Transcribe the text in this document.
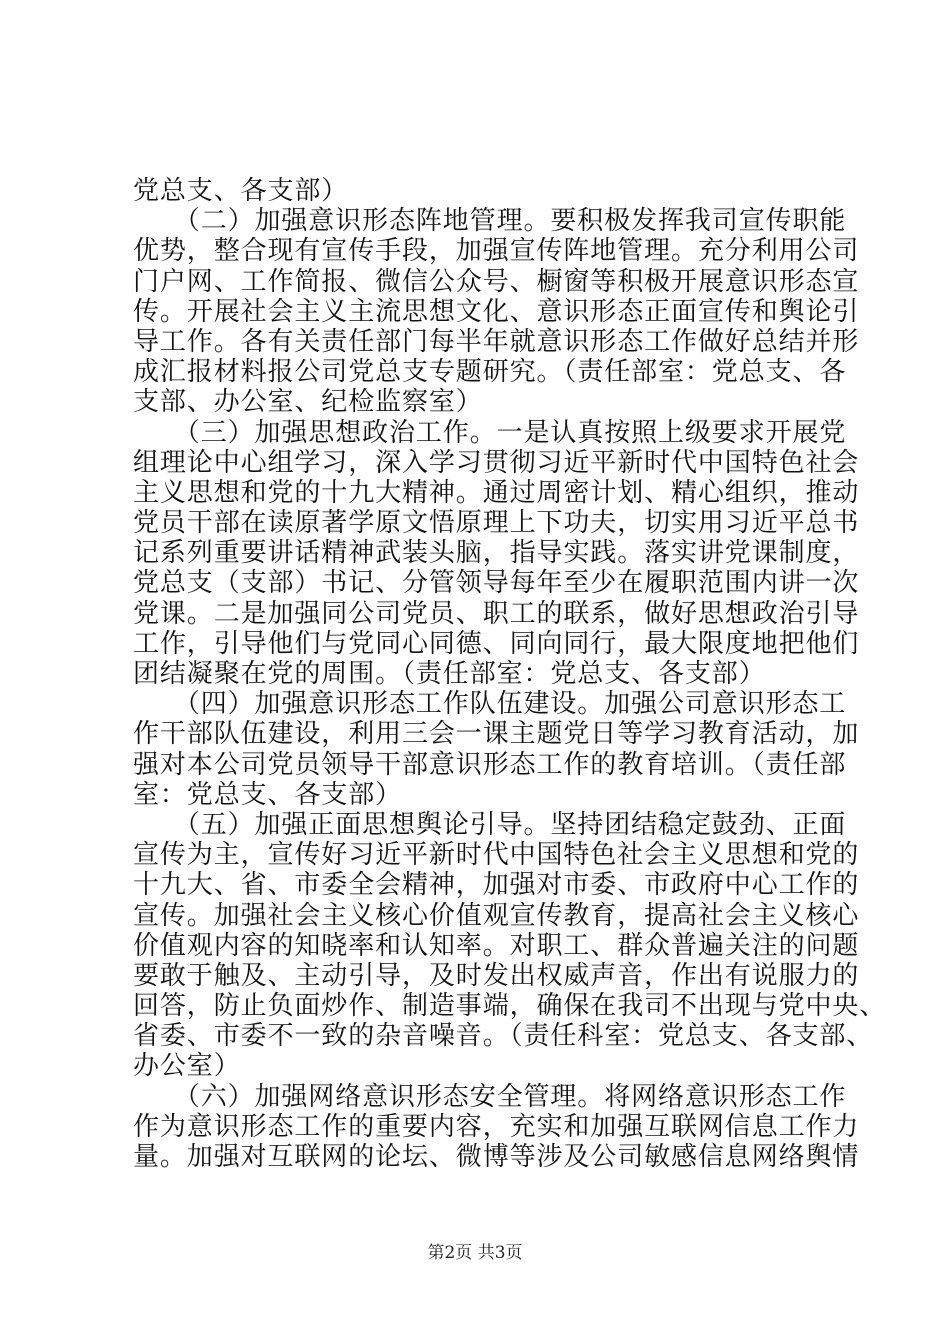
党总支、各支部）
　　（二）加强意识形态阵地管理。要积极发挥我司宣传职能
优势，整合现有宣传手段，加强宣传阵地管理。充分利用公司
门户网、工作简报、微信公众号、橱窗等积极开展意识形态宣
传。开展社会主义主流思想文化、意识形态正面宣传和舆论引
导工作。各有关责任部门每半年就意识形态工作做好总结并形
成汇报材料报公司党总支专题研究。（责任部室：党总支、各
支部、办公室、纪检监察室）
　　（三）加强思想政治工作。一是认真按照上级要求开展党
组理论中心组学习，深入学习贯彻习近平新时代中国特色社会
主义思想和党的十九大精神。通过周密计划、精心组织，推动
党员干部在读原著学原文悟原理上下功夫，切实用习近平总书
记系列重要讲话精神武装头脑，指导实践。落实讲党课制度，
党总支（支部）书记、分管领导每年至少在履职范围内讲一次
党课。二是加强同公司党员、职工的联系，做好思想政治引导
工作，引导他们与党同心同德、同向同行，最大限度地把他们
团结凝聚在党的周围。（责任部室：党总支、各支部）
　　（四）加强意识形态工作队伍建设。加强公司意识形态工
作干部队伍建设，利用三会一课主题党日等学习教育活动，加
强对本公司党员领导干部意识形态工作的教育培训。（责任部
室：党总支、各支部）
　　（五）加强正面思想舆论引导。坚持团结稳定鼓劲、正面
宣传为主，宣传好习近平新时代中国特色社会主义思想和党的
十九大、省、市委全会精神，加强对市委、市政府中心工作的
宣传。加强社会主义核心价值观宣传教育，提高社会主义核心
价值观内容的知晓率和认知率。对职工、群众普遍关注的问题
要敢于触及、主动引导，及时发出权威声音，作出有说服力的
回答，防止负面炒作、制造事端，确保在我司不出现与党中央、
省委、市委不一致的杂音噪音。（责任科室：党总支、各支部、
办公室）
　　（六）加强网络意识形态安全管理。将网络意识形态工作
作为意识形态工作的重要内容，充实和加强互联网信息工作力
量。加强对互联网的论坛、微博等涉及公司敏感信息网络舆情
第2页 共3页
